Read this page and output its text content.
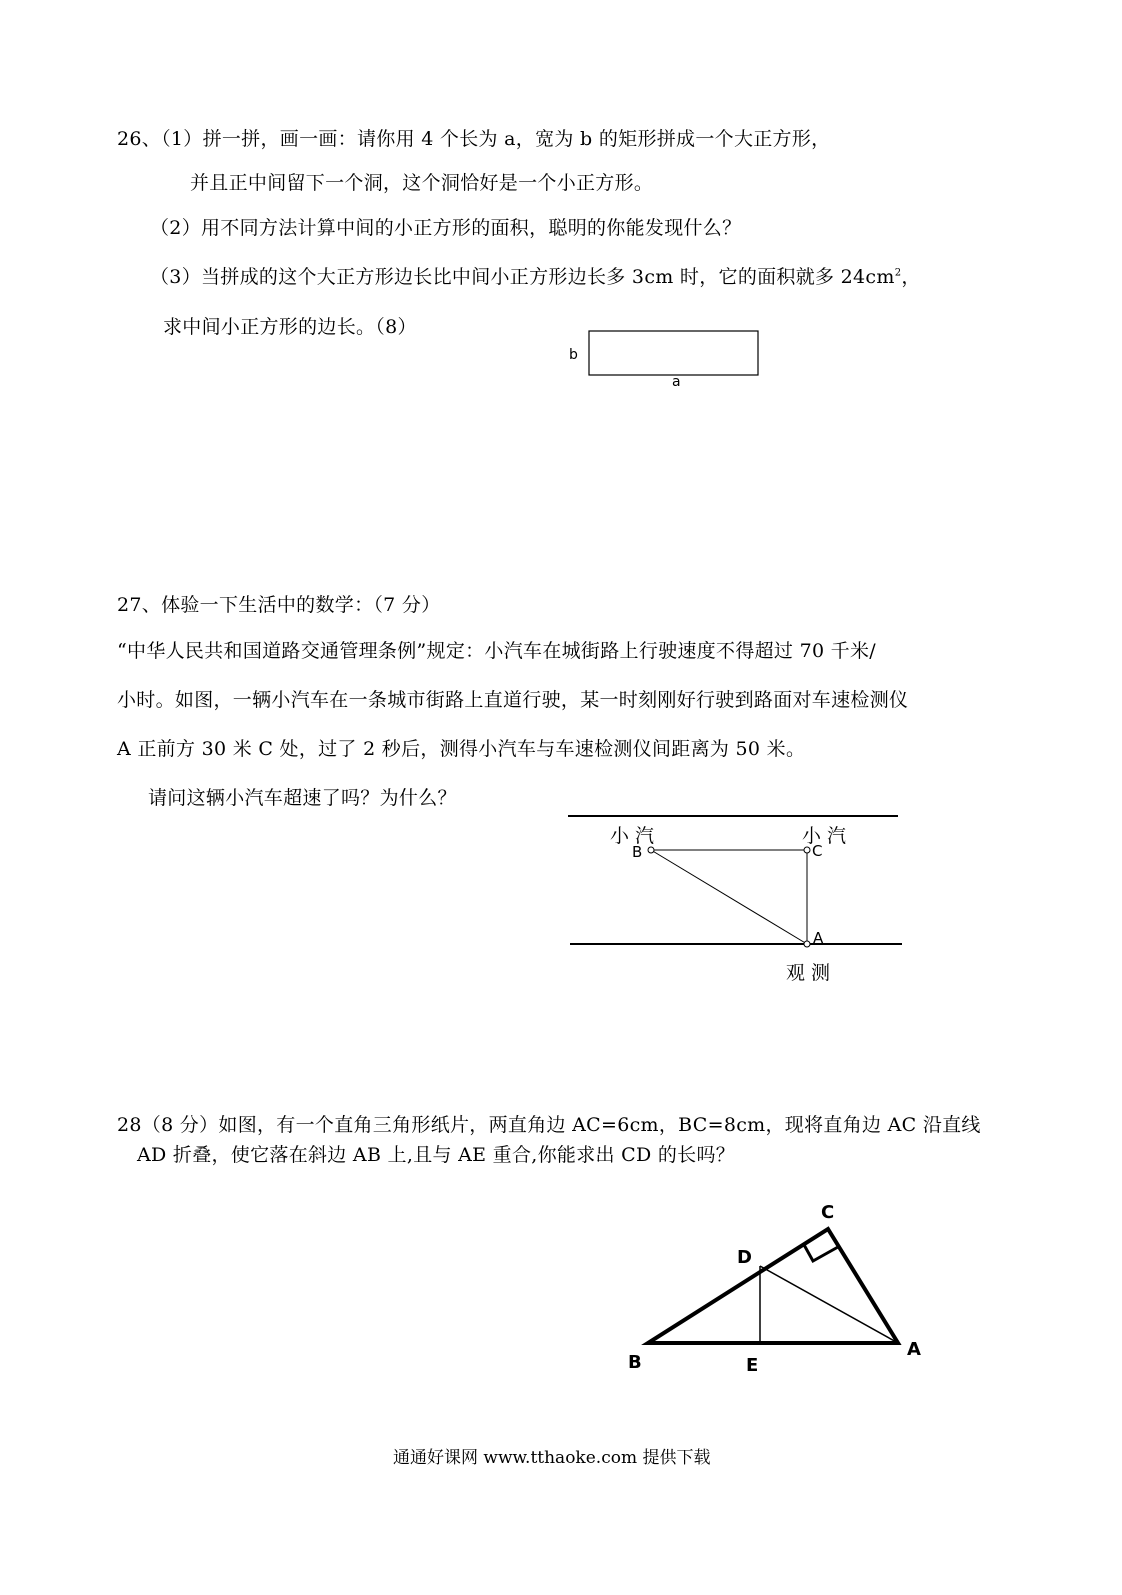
26、（1）拼一拼，画一画：请你用 4 个长为 a，宽为 b 的矩形拼成一个大正方形，
并且正中间留下一个洞，这个洞恰好是一个小正方形。
（2）用不同方法计算中间的小正方形的面积，聪明的你能发现什么？
（3）当拼成的这个大正方形边长比中间小正方形边长多 3cm 时，它的面积就多 $24cm^2$，
求中间小正方形的边长。（8）
b
a
27、体验一下生活中的数学：（7 分）
“中华人民共和国道路交通管理条例”规定：小汽车在城街路上行驶速度不得超过 70 千米/
小时。如图，一辆小汽车在一条城市街路上直道行驶，某一时刻刚好行驶到路面对车速检测仪
A 正前方 30 米 C 处，过了 2 秒后，测得小汽车与车速检测仪间距离为 50 米。
请问这辆小汽车超速了吗？为什么？
小 汽	小 汽
B	C
A
观 测
28（8 分）如图，有一个直角三角形纸片，两直角边 AC=6cm，BC=8cm，现将直角边 AC 沿直线
AD 折叠，使它落在斜边 AB 上,且与 AE 重合,你能求出 CD 的长吗？
C
D
A
B	E
通通好课网 www.tthaoke.com 提供下载
